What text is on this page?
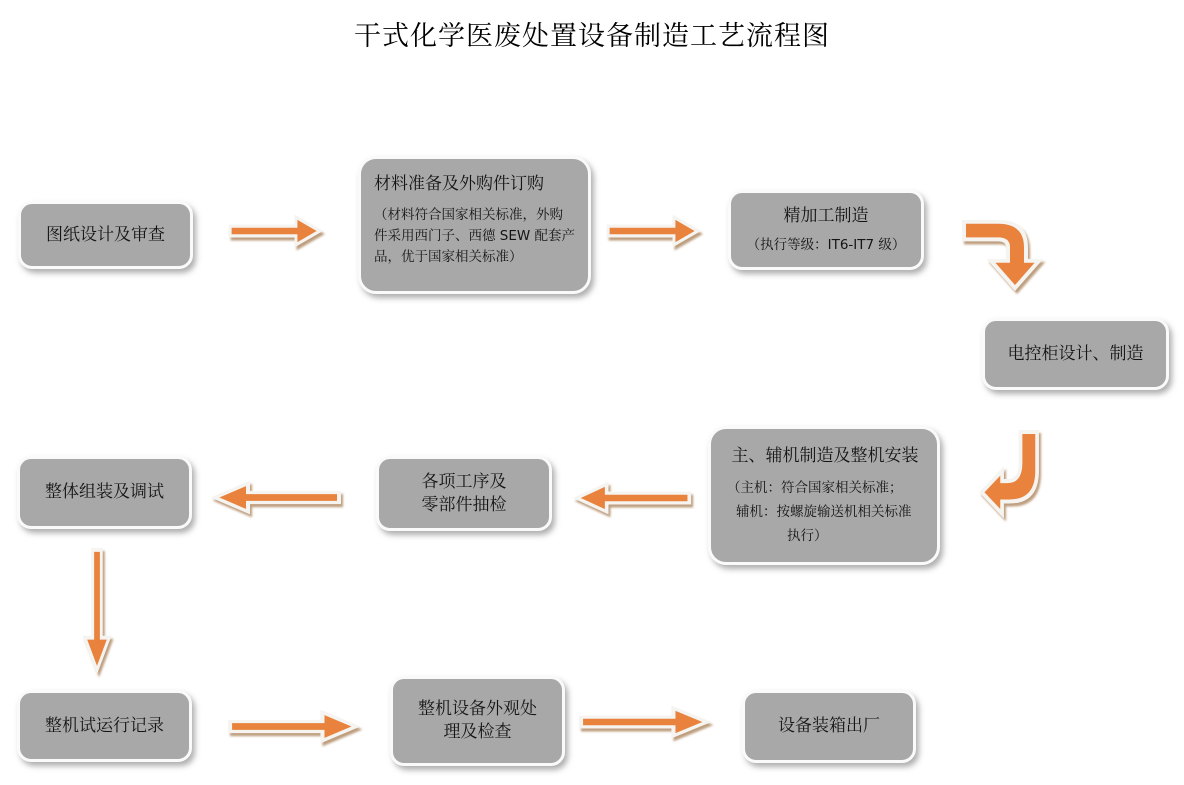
干式化学医废处置设备制造工艺流程图
图纸设计及审查
材料准备及外购件订购
（材料符合国家相关标准，外购件采用西门子、西德 SEW 配套产品，优于国家相关标准）
精加工制造
（执行等级：IT6-IT7 级）
电控柜设计、制造
主、辅机制造及整机安装
（主机：符合国家相关标准；
辅机：按螺旋输送机相关标准
执行）
各项工序及
零部件抽检
整体组装及调试
整机试运行记录
整机设备外观处
理及检查	设备装箱出厂
